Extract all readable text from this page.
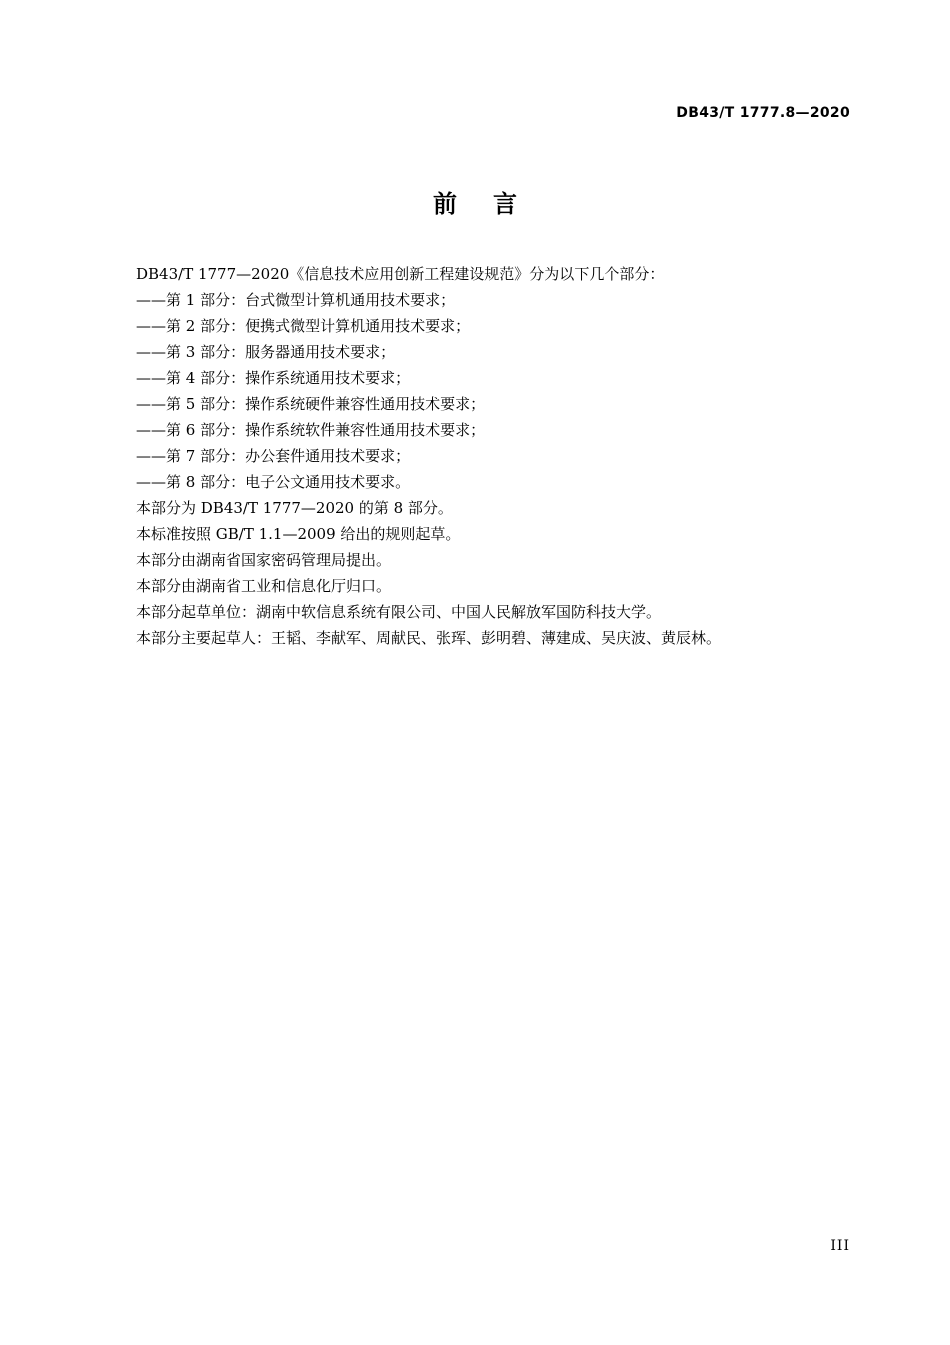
DB43/T 1777.8—2020
前言
DB43/T 1777—2020《信息技术应用创新工程建设规范》分为以下几个部分：
——第 1 部分：台式微型计算机通用技术要求；
——第 2 部分：便携式微型计算机通用技术要求；
——第 3 部分：服务器通用技术要求；
——第 4 部分：操作系统通用技术要求；
——第 5 部分：操作系统硬件兼容性通用技术要求；
——第 6 部分：操作系统软件兼容性通用技术要求；
——第 7 部分：办公套件通用技术要求；
——第 8 部分：电子公文通用技术要求。
本部分为 DB43/T 1777—2020 的第 8 部分。
本标准按照 GB/T 1.1—2009 给出的规则起草。
本部分由湖南省国家密码管理局提出。
本部分由湖南省工业和信息化厅归口。
本部分起草单位：湖南中软信息系统有限公司、中国人民解放军国防科技大学。
本部分主要起草人：王韬、李献军、周献民、张珲、彭明碧、薄建成、吴庆波、黄辰林。
III
